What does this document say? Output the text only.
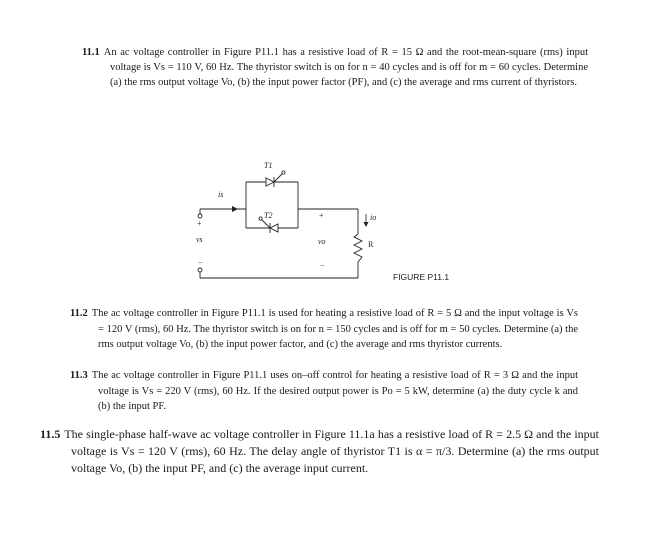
11.1 An ac voltage controller in Figure P11.1 has a resistive load of R = 15 Ω and the root-mean-square (rms) input voltage is Vs = 110 V, 60 Hz. The thyristor switch is on for n = 40 cycles and is off for m = 60 cycles. Determine (a) the rms output voltage Vo, (b) the input power factor (PF), and (c) the average and rms current of thyristors.
T1
T2
is
io
vs	vo	R
+
−
+
−
FIGURE P11.1
11.2 The ac voltage controller in Figure P11.1 is used for heating a resistive load of R = 5 Ω and the input voltage is Vs = 120 V (rms), 60 Hz. The thyristor switch is on for n = 150 cycles and is off for m = 50 cycles. Determine (a) the rms output voltage Vo, (b) the input power factor, and (c) the average and rms thyristor currents.
11.3 The ac voltage controller in Figure P11.1 uses on–off control for heating a resistive load of R = 3 Ω and the input voltage is Vs = 220 V (rms), 60 Hz. If the desired output power is Po = 5 kW, determine (a) the duty cycle k and (b) the input PF.
11.5 The single-phase half-wave ac voltage controller in Figure 11.1a has a resistive load of R = 2.5 Ω and the input voltage is Vs = 120 V (rms), 60 Hz. The delay angle of thyristor T1 is α = π/3. Determine (a) the rms output voltage Vo, (b) the input PF, and (c) the average input current.
